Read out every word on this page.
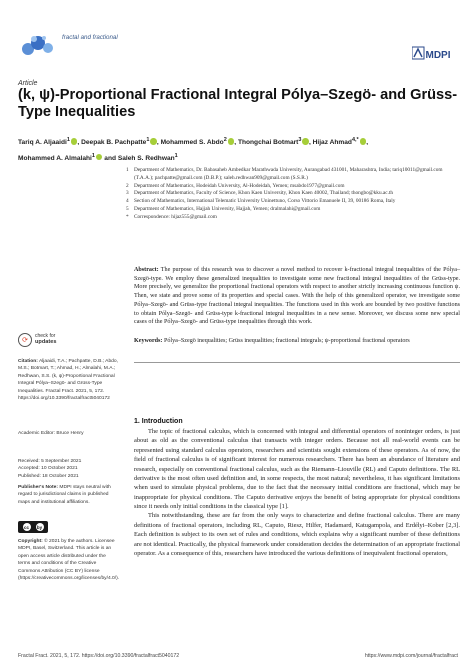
fractal and fractional
MDPI
Article
(k, ψ)-Proportional Fractional Integral Pólya–Szegö- and Grüss-Type Inequalities
Tariq A. Aljaaidi$^1$ , Deepak B. Pachpatte$^1$ , Mohammed S. Abdo$^2$ , Thongchai Botmart$^3$ , Hijaz Ahmad$^{4,*}$ ,
Mohammed A. Almalahi$^1$ and Saleh S. Redhwan$^1$
1	Department of Mathematics, Dr. Babasaheb Ambedkar Marathwada University, Aurangabad 431001, Maharashtra, India; tariq10011@gmail.com (T.A.A.); pachpatte@gmail.com (D.B.P.); saleh.redhwan909@gmail.com (S.S.R.)
2	Department of Mathematics, Hodeidah University, Al-Hodeidah, Yemen; msabdo1977@gmail.com
3	Department of Mathematics, Faculty of Science, Khon Kaen University, Khon Kaen 40002, Thailand; thongbo@kku.ac.th
4	Section of Mathematics, International Telematic University Uninettuno, Corso Vittorio Emanuele II, 39, 00186 Roma, Italy
5	Department of Mathematics, Hajjah University, Hajjah, Yemen; dralmalahi@gmail.com
*	Correspondence: hijaz555@gmail.com
Abstract: The purpose of this research was to discover a novel method to recover k-fractional integral inequalities of the Pólya–Szegö-type. We employ these generalized inequalities to investigate some new fractional integral inequalities of the Grüss-type. More precisely, we generalize the proportional fractional operators with respect to another strictly increasing continuous function ψ. Then, we state and prove some of its properties and special cases. With the help of this generalized operator, we investigate some Pólya–Szegö- and Grüss-type fractional integral inequalities. The functions used in this work are bounded by two positive functions to obtain Pólya–Szegö- and Grüss-type k-fractional integral inequalities in a new sense. Moreover, we discuss some new special cases of the Pólya–Szegö- and Grüss-type inequalities through this work.
Keywords: Pólya–Szegö inequalities; Grüss inequalities; fractional integrals; ψ-proportional fractional operators
⟳
check for
updates
Citation: Aljaaidi, T.A.; Pachpatte, D.B.; Abdo, M.S.; Botmart, T.; Ahmad, H.; Almalahi, M.A.; Redhwan, S.S. (k, ψ)-Proportional Fractional Integral Pólya–Szegö- and Grüss-Type Inequalities. Fractal Fract. 2021, 5, 172. https://doi.org/10.3390/fractalfract5040172
Academic Editor: Bruce Henry
Received: 5 September 2021
Accepted: 10 October 2021
Published: 18 October 2021
Publisher's Note: MDPI stays neutral with regard to jurisdictional claims in published maps and institutional affiliations.
cc	by
Copyright: © 2021 by the authors. Licensee MDPI, Basel, Switzerland. This article is an open access article distributed under the terms and conditions of the Creative Commons Attribution (CC BY) license (https://creativecommons.org/licenses/by/4.0/).
1. Introduction

The topic of fractional calculus, which is concerned with integral and differential operators of noninteger orders, is just about as old as the conventional calculus that transacts with integer orders. Because not all real-world events can be represented using standard calculus operators, researchers and scientists sought extensions of these operators. As of now, the field of fractional calculus is of significant interest for numerous researchers. There has been an abundance of literature and research, especially on conventional fractional calculus, such as the Riemann–Liouville (RL) and Caputo definitions. The RL derivative is the most often used definition and, in some respects, the most natural; nevertheless, it has significant limitations when used to simulate physical problems, due to the fact that the necessary initial conditions are fractional, which may be inappropriate for physical conditions. The Caputo derivative enjoys the benefit of being appropriate for physical conditions since it needs only initial conditions in the classical type [1].

This notwithstanding, these are far from the only ways to characterize and define fractional calculus. There are many definitions of fractional operators, including RL, Caputo, Riesz, Hilfer, Hadamard, Katugampola, and Erdélyi–Kober [2,3]. Each definition is subject to its own set of rules and conditions, which explains why a significant number of these definitions are not identical. Practically, the physical framework under consideration decides the determination of an appropriate fractional operator. As a consequence of this, researchers have introduced the various definitions of inequivalent fractional operators,

Fractal Fract. 2021, 5, 172. https://doi.org/10.3390/fractalfract5040172	https://www.mdpi.com/journal/fractalfract
